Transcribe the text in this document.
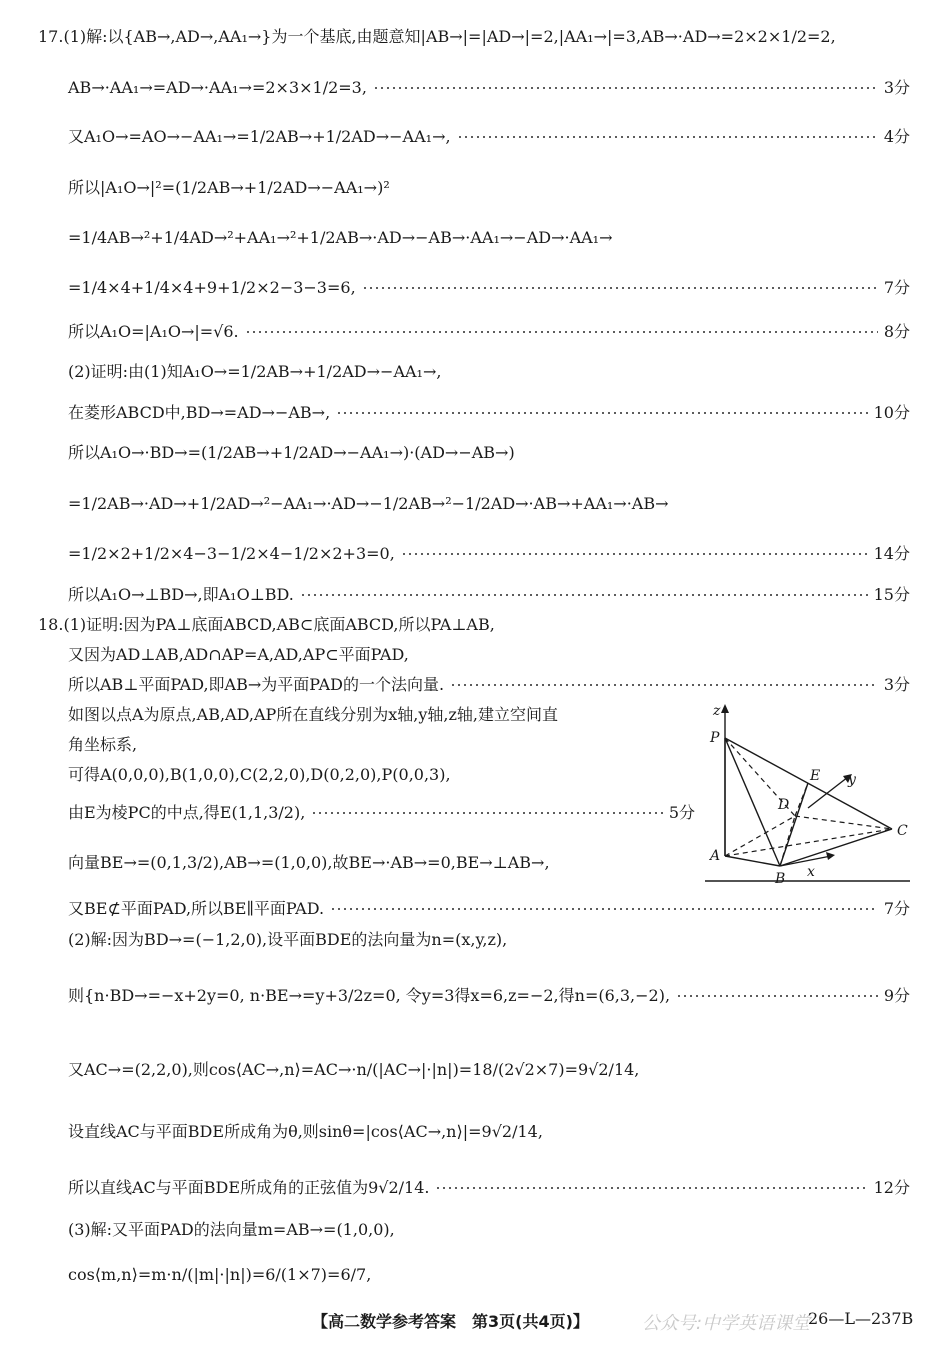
17.(1)解:以{AB→,AD→,AA₁→}为一个基底,由题意知|AB→|=|AD→|=2,|AA₁→|=3,AB→·AD→=2×2×1/2=2,
AB→·AA₁→=AD→·AA₁→=2×3×1/2=3,	3分
又A₁O→=AO→−AA₁→=1/2AB→+1/2AD→−AA₁→,	4分
所以|A₁O→|²=(1/2AB→+1/2AD→−AA₁→)²
=1/4AB→²+1/4AD→²+AA₁→²+1/2AB→·AD→−AB→·AA₁→−AD→·AA₁→
=1/4×4+1/4×4+9+1/2×2−3−3=6,	7分
所以A₁O=|A₁O→|=√6.	8分
(2)证明:由(1)知A₁O→=1/2AB→+1/2AD→−AA₁→,
在菱形ABCD中,BD→=AD→−AB→,	10分
所以A₁O→·BD→=(1/2AB→+1/2AD→−AA₁→)·(AD→−AB→)
=1/2AB→·AD→+1/2AD→²−AA₁→·AD→−1/2AB→²−1/2AD→·AB→+AA₁→·AB→
=1/2×2+1/2×4−3−1/2×4−1/2×2+3=0,	14分
所以A₁O→⊥BD→,即A₁O⊥BD.	15分
18.(1)证明:因为PA⊥底面ABCD,AB⊂底面ABCD,所以PA⊥AB,
又因为AD⊥AB,AD∩AP=A,AD,AP⊂平面PAD,
所以AB⊥平面PAD,即AB→为平面PAD的一个法向量.	3分
如图以点A为原点,AB,AD,AP所在直线分别为x轴,y轴,z轴,建立空间直
角坐标系,
可得A(0,0,0),B(1,0,0),C(2,2,0),D(0,2,0),P(0,0,3),
由E为棱PC的中点,得E(1,1,3/2),	5分
向量BE→=(0,1,3/2),AB→=(1,0,0),故BE→·AB→=0,BE→⊥AB→,
又BE⊄平面PAD,所以BE∥平面PAD.	7分
(2)解:因为BD→=(−1,2,0),设平面BDE的法向量为n=(x,y,z),
则{n·BD→=−x+2y=0, n·BE→=y+3/2z=0, 令y=3得x=6,z=−2,得n=(6,3,−2),	9分
又AC→=(2,2,0),则cos⟨AC→,n⟩=AC→·n/(|AC→|·|n|)=18/(2√2×7)=9√2/14,
设直线AC与平面BDE所成角为θ,则sinθ=|cos⟨AC→,n⟩|=9√2/14,
所以直线AC与平面BDE所成角的正弦值为9√2/14.	12分
(3)解:又平面PAD的法向量m=AB→=(1,0,0),
cos⟨m,n⟩=m·n/(|m|·|n|)=6/(1×7)=6/7,
z
P
A
B x
C
D
E y
【高二数学参考答案　第3页(共4页)】	公众号:中学英语课堂
26—L—237B
